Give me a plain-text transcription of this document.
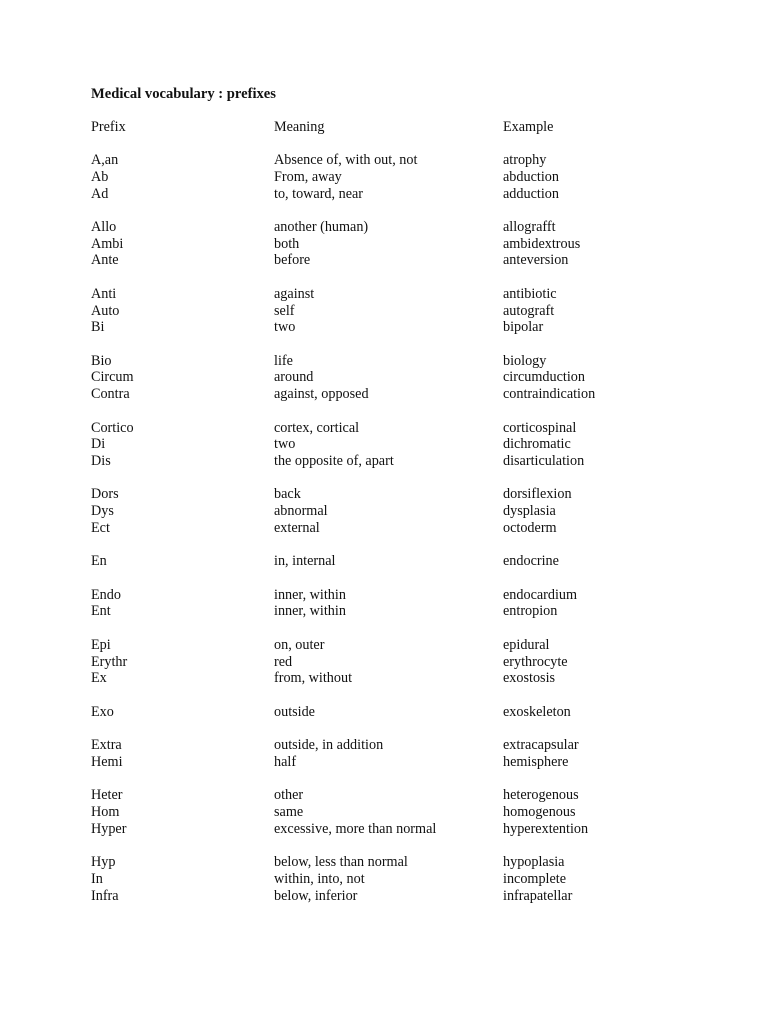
Medical vocabulary : prefixes
Prefix	Meaning	Example
A,an	Absence of, with out, not	atrophy
Ab	From, away	abduction
Ad	to, toward, near	adduction
Allo	another (human)	allografft
Ambi	both	ambidextrous
Ante	before	anteversion
Anti	against	antibiotic
Auto	self	autograft
Bi	two	bipolar
Bio	life	biology
Circum	around	circumduction
Contra	against, opposed	contraindication
Cortico	cortex, cortical	corticospinal
Di	two	dichromatic
Dis	the opposite of, apart	disarticulation
Dors	back	dorsiflexion
Dys	abnormal	dysplasia
Ect	external	octoderm
En	in, internal	endocrine
Endo	inner, within	endocardium
Ent	inner, within	entropion
Epi	on, outer	epidural
Erythr	red	erythrocyte
Ex	from, without	exostosis
Exo	outside	exoskeleton
Extra	outside, in addition	extracapsular
Hemi	half	hemisphere
Heter	other	heterogenous
Hom	same	homogenous
Hyper	excessive, more than normal	hyperextention
Hyp	below, less than normal	hypoplasia
In	within, into, not	incomplete
Infra	below, inferior	infrapatellar
